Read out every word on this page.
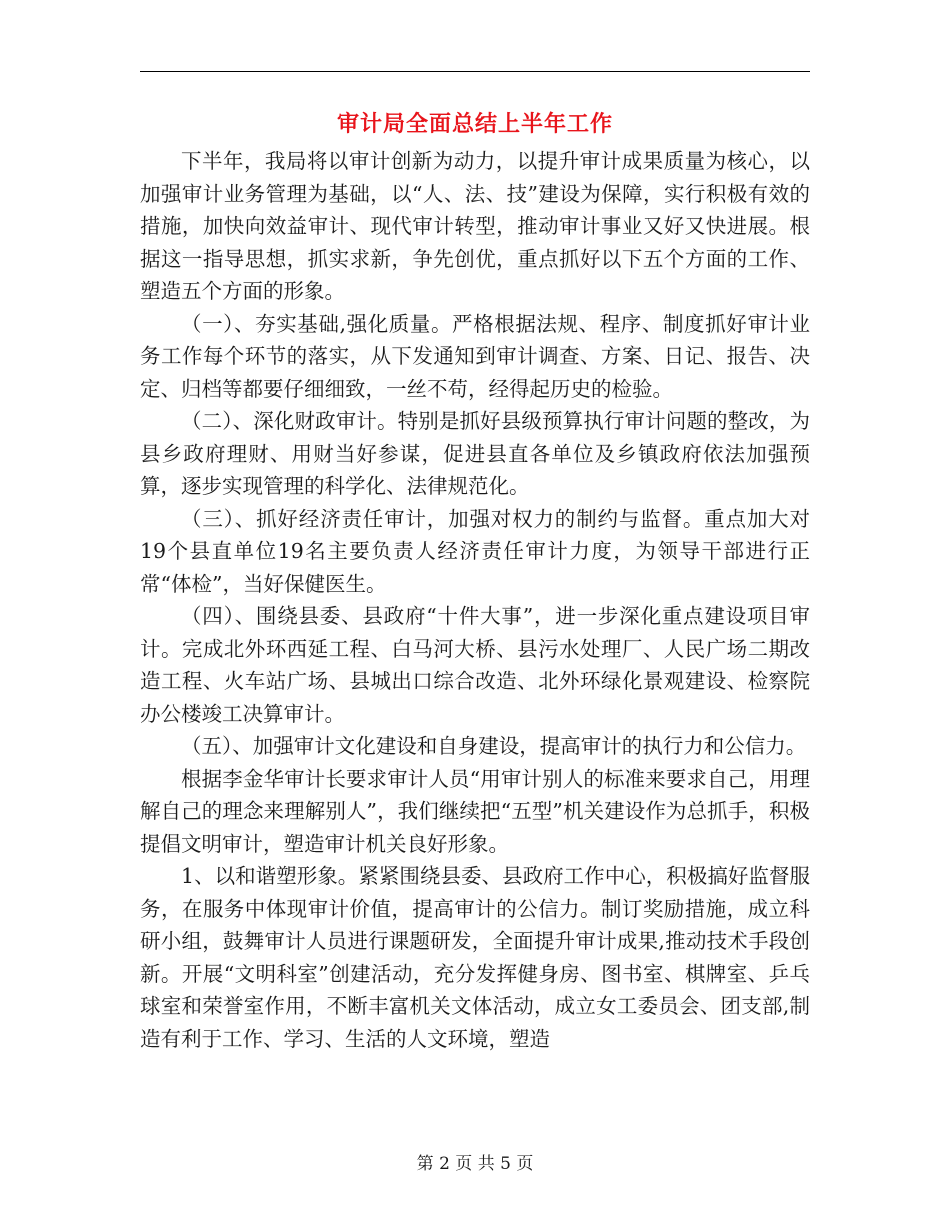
审计局全面总结上半年工作

下半年，我局将以审计创新为动力，以提升审计成果质量为核心，以加强审计业务管理为基础，以“人、法、技”建设为保障，实行积极有效的措施，加快向效益审计、现代审计转型，推动审计事业又好又快进展。根据这一指导思想，抓实求新，争先创优，重点抓好以下五个方面的工作、塑造五个方面的形象。

（一）、夯实基础,强化质量。严格根据法规、程序、制度抓好审计业务工作每个环节的落实，从下发通知到审计调查、方案、日记、报告、决定、归档等都要仔细细致，一丝不苟，经得起历史的检验。

（二）、深化财政审计。特别是抓好县级预算执行审计问题的整改，为县乡政府理财、用财当好参谋，促进县直各单位及乡镇政府依法加强预算，逐步实现管理的科学化、法律规范化。

（三）、抓好经济责任审计，加强对权力的制约与监督。重点加大对19个县直单位19名主要负责人经济责任审计力度，为领导干部进行正常“体检”，当好保健医生。

（四）、围绕县委、县政府“十件大事”，进一步深化重点建设项目审计。完成北外环西延工程、白马河大桥、县污水处理厂、人民广场二期改造工程、火车站广场、县城出口综合改造、北外环绿化景观建设、检察院办公楼竣工决算审计。

（五）、加强审计文化建设和自身建设，提高审计的执行力和公信力。

根据李金华审计长要求审计人员“用审计别人的标准来要求自己，用理解自己的理念来理解别人”，我们继续把“五型”机关建设作为总抓手，积极提倡文明审计，塑造审计机关良好形象。

1、以和谐塑形象。紧紧围绕县委、县政府工作中心，积极搞好监督服务，在服务中体现审计价值，提高审计的公信力。制订奖励措施，成立科研小组，鼓舞审计人员进行课题研发，全面提升审计成果,推动技术手段创新。开展“文明科室”创建活动，充分发挥健身房、图书室、棋牌室、乒乓球室和荣誉室作用，不断丰富机关文体活动，成立女工委员会、团支部,制造有利于工作、学习、生活的人文环境，塑造

第 2 页 共 5 页
